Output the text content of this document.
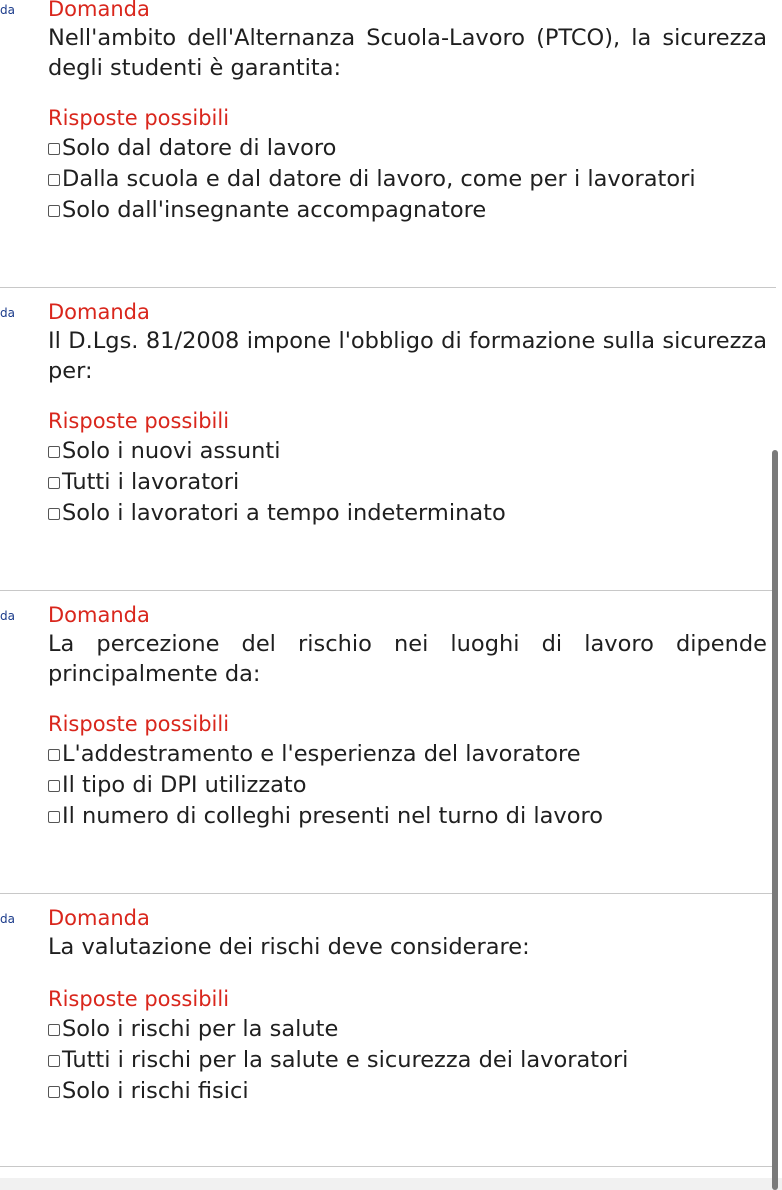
da Domanda

Nell'ambito dell'Alternanza Scuola-Lavoro (PTCO), la sicurezza degli studenti è garantita:

Risposte possibili
Solo dal datore di lavoro
Dalla scuola e dal datore di lavoro, come per i lavoratori
Solo dall'insegnante accompagnatore
da Domanda

Il D.Lgs. 81/2008 impone l'obbligo di formazione sulla sicurezza per:

Risposte possibili
Solo i nuovi assunti
Tutti i lavoratori
Solo i lavoratori a tempo indeterminato
da Domanda

La percezione del rischio nei luoghi di lavoro dipende principalmente da:

Risposte possibili
L'addestramento e l'esperienza del lavoratore
Il tipo di DPI utilizzato
Il numero di colleghi presenti nel turno di lavoro
da Domanda

La valutazione dei rischi deve considerare:

Risposte possibili
Solo i rischi per la salute
Tutti i rischi per la salute e sicurezza dei lavoratori
Solo i rischi fisici
